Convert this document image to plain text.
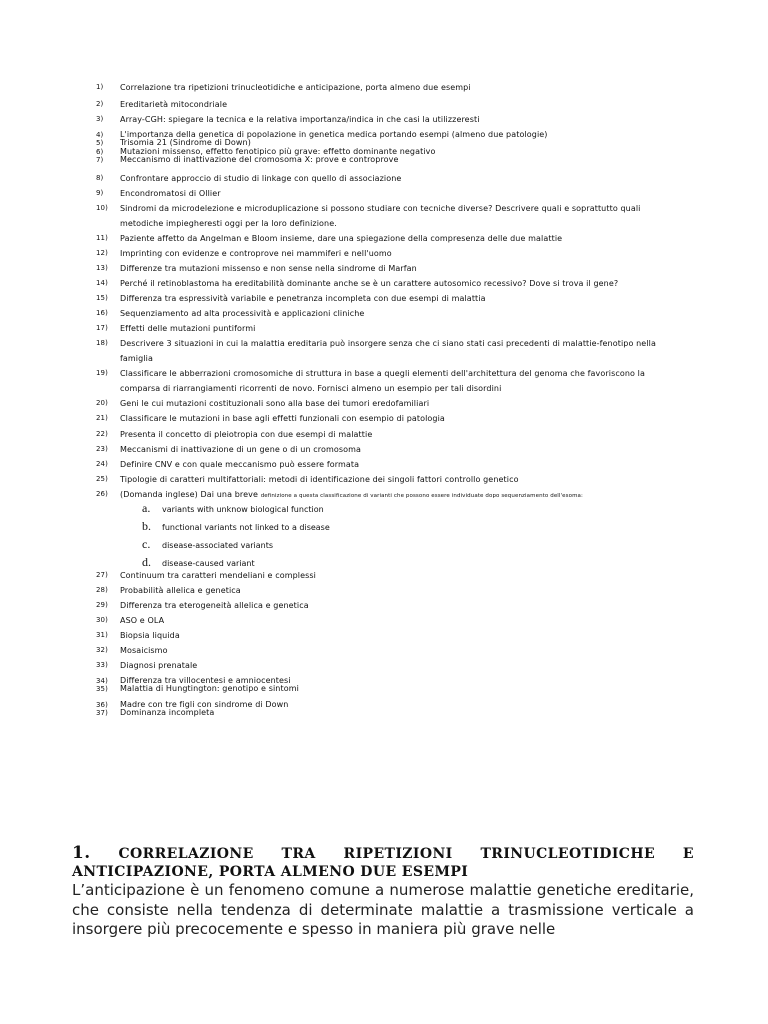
1)	Correlazione tra ripetizioni trinucleotidiche e anticipazione, porta almeno due esempi
2)	Ereditarietà mitocondriale
3)	Array-CGH: spiegare la tecnica e la relativa importanza/indica in che casi la utilizzeresti
4)	L'importanza della genetica di popolazione in genetica medica portando esempi (almeno due patologie)
5)	Trisomia 21 (Sindrome di Down)
6)	Mutazioni missenso, effetto fenotipico più grave: effetto dominante negativo
7)	Meccanismo di inattivazione del cromosoma X: prove e controprove
8)	Confrontare approccio di studio di linkage con quello di associazione
9)	Encondromatosi di Ollier
10)	Sindromi da microdelezione e microduplicazione si possono studiare con tecniche diverse? Descrivere quali e soprattutto quali
metodiche impiegheresti oggi per la loro definizione.
11)	Paziente affetto da Angelman e Bloom insieme, dare una spiegazione della compresenza delle due malattie
12)	Imprinting con evidenze e controprove nei mammiferi e nell'uomo
13)	Differenze tra mutazioni missenso e non sense nella sindrome di Marfan
14)	Perché il retinoblastoma ha ereditabilità dominante anche se è un carattere autosomico recessivo? Dove si trova il gene?
15)	Differenza tra espressività variabile e penetranza incompleta con due esempi di malattia
16)	Sequenziamento ad alta processività e applicazioni cliniche
17)	Effetti delle mutazioni puntiformi
18)	Descrivere 3 situazioni in cui la malattia ereditaria può insorgere senza che ci siano stati casi precedenti di malattie-fenotipo nella
famiglia
19)	Classificare le abberrazioni cromosomiche di struttura in base a quegli elementi dell'architettura del genoma che favoriscono la
comparsa di riarrangiamenti ricorrenti de novo. Fornisci almeno un esempio per tali disordini
20)	Geni le cui mutazioni costituzionali sono alla base dei tumori eredofamiliari
21)	Classificare le mutazioni in base agli effetti funzionali con esempio di patologia
22)	Presenta il concetto di pleiotropia con due esempi di malattie
23)	Meccanismi di inattivazione di un gene o di un cromosoma
24)	Definire CNV e con quale meccanismo può essere formata
25)	Tipologie di caratteri multifattoriali: metodi di identificazione dei singoli fattori controllo genetico
26)	(Domanda inglese) Dai una breve definizione a questa classificazione di varianti che possono essere individuate dopo sequenziamento dell'esoma:
a. variants with unknow biological function
b. functional variants not linked to a disease
c. disease-associated variants
d. disease-caused variant
27)	Continuum tra caratteri mendeliani e complessi
28)	Probabilità allelica e genetica
29)	Differenza tra eterogeneità allelica e genetica
30)	ASO e OLA
31)	Biopsia liquida
32)	Mosaicismo
33)	Diagnosi prenatale
34)	Differenza tra villocentesi e amniocentesi
35)	Malattia di Hungtington: genotipo e sintomi
36)	Madre con tre figli con sindrome di Down
37)	Dominanza incompleta
1. CORRELAZIONE TRA RIPETIZIONI TRINUCLEOTIDICHE E ANTICIPAZIONE, PORTA ALMENO DUE ESEMPI

L’anticipazione è un fenomeno comune a numerose malattie genetiche ereditarie, che consiste nella tendenza di determinate malattie a trasmissione verticale a insorgere più precocemente e spesso in maniera più grave nelle
